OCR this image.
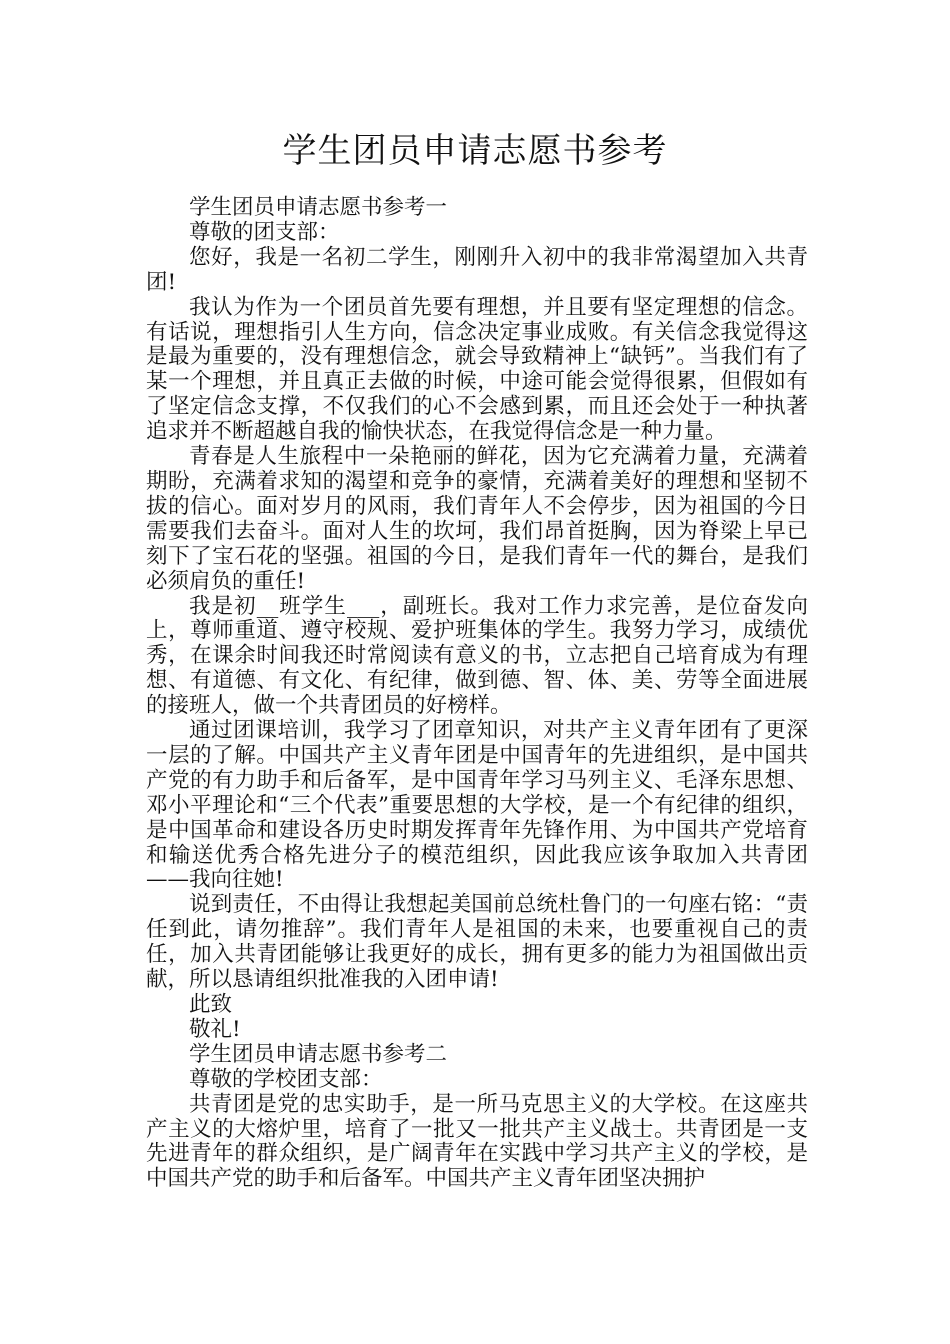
学生团员申请志愿书参考

学生团员申请志愿书参考一

尊敬的团支部：

您好，我是一名初二学生，刚刚升入初中的我非常渴望加入共青团!

我认为作为一个团员首先要有理想，并且要有坚定理想的信念。有话说，理想指引人生方向，信念决定事业成败。有关信念我觉得这是最为重要的，没有理想信念，就会导致精神上“缺钙”。当我们有了某一个理想，并且真正去做的时候，中途可能会觉得很累，但假如有了坚定信念支撑，不仅我们的心不会感到累，而且还会处于一种执著追求并不断超越自我的愉快状态，在我觉得信念是一种力量。

青春是人生旅程中一朵艳丽的鲜花，因为它充满着力量，充满着期盼，充满着求知的渴望和竞争的豪情，充满着美好的理想和坚韧不拔的信心。面对岁月的风雨，我们青年人不会停步，因为祖国的今日需要我们去奋斗。面对人生的坎坷，我们昂首挺胸，因为脊梁上早已刻下了宝石花的坚强。祖国的今日，是我们青年一代的舞台，是我们必须肩负的重任!

我是初__班学生___，副班长。我对工作力求完善，是位奋发向上，尊师重道、遵守校规、爱护班集体的学生。我努力学习，成绩优秀，在课余时间我还时常阅读有意义的书，立志把自己培育成为有理想、有道德、有文化、有纪律，做到德、智、体、美、劳等全面进展的接班人，做一个共青团员的好榜样。

通过团课培训，我学习了团章知识，对共产主义青年团有了更深一层的了解。中国共产主义青年团是中国青年的先进组织，是中国共产党的有力助手和后备军，是中国青年学习马列主义、毛泽东思想、邓小平理论和“三个代表”重要思想的大学校，是一个有纪律的组织，是中国革命和建设各历史时期发挥青年先锋作用、为中国共产党培育和输送优秀合格先进分子的模范组织，因此我应该争取加入共青团——我向往她!

说到责任，不由得让我想起美国前总统杜鲁门的一句座右铭：“责任到此，请勿推辞”。我们青年人是祖国的未来，也要重视自己的责任，加入共青团能够让我更好的成长，拥有更多的能力为祖国做出贡献，所以恳请组织批准我的入团申请!

此致

敬礼!

学生团员申请志愿书参考二

尊敬的学校团支部：

共青团是党的忠实助手，是一所马克思主义的大学校。在这座共产主义的大熔炉里，培育了一批又一批共产主义战士。共青团是一支先进青年的群众组织，是广阔青年在实践中学习共产主义的学校，是中国共产党的助手和后备军。中国共产主义青年团坚决拥护
